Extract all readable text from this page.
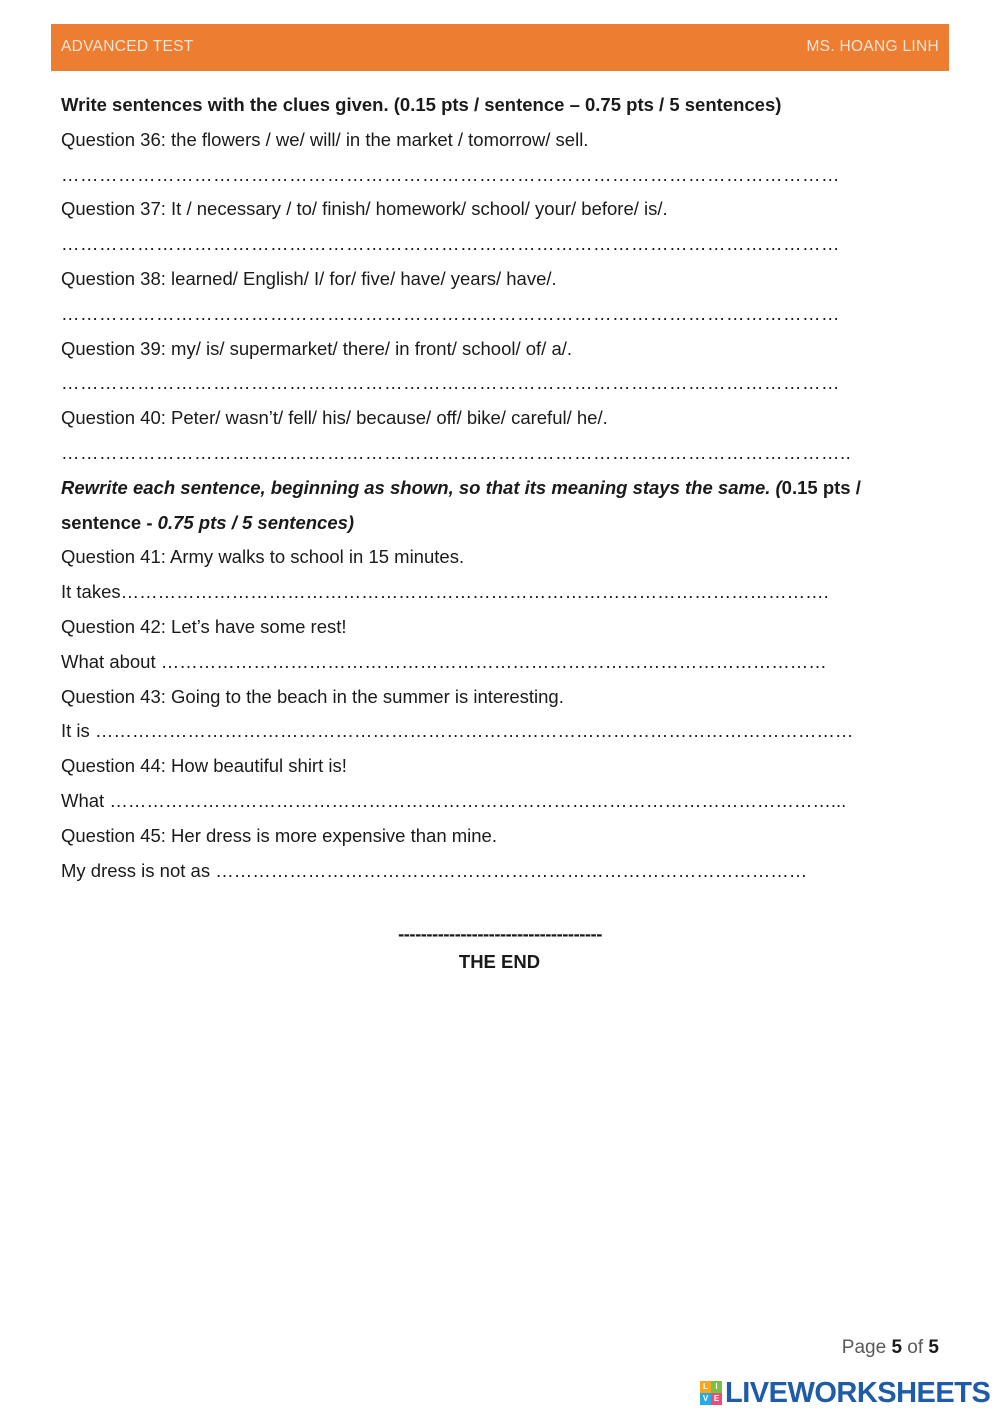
ADVANCED TEST	MS. HOANG LINH
Write sentences with the clues given. (0.15 pts / sentence – 0.75 pts / 5 sentences)
Question 36: the flowers / we/ will/ in the market / tomorrow/ sell.
……………………………………………………………………………………………………………
Question 37: It / necessary / to/ finish/ homework/ school/ your/ before/ is/.
……………………………………………………………………………………………………………
Question 38: learned/ English/ I/ for/ five/ have/ years/ have/.
……………………………………………………………………………………………………………
Question 39: my/ is/ supermarket/ there/ in front/ school/ of/ a/.
……………………………………………………………………………………………………………
Question 40: Peter/ wasn’t/ fell/ his/ because/ off/ bike/ careful/ he/.
……………………………………………………………………………………………………………..
Rewrite each sentence, beginning as shown, so that its meaning stays the same. (0.15 pts /
sentence - 0.75 pts / 5 sentences)
Question 41: Army walks to school in 15 minutes.
It takes…………………………………………………………………………………………………….
Question 42: Let’s have some rest!
What about ………………………………………………………………………………………………
Question 43: Going to the beach in the summer is interesting.
It is ……………………………………………………………………………………………………………
Question 44: How beautiful shirt is!
What ………………………………………………………………………………………………………...
Question 45: Her dress is more expensive than mine.
My dress is not as ……………………………………………………………………………………
------------------------------------
THE END
Page 5 of 5
L I
V E LIVEWORKSHEETS
